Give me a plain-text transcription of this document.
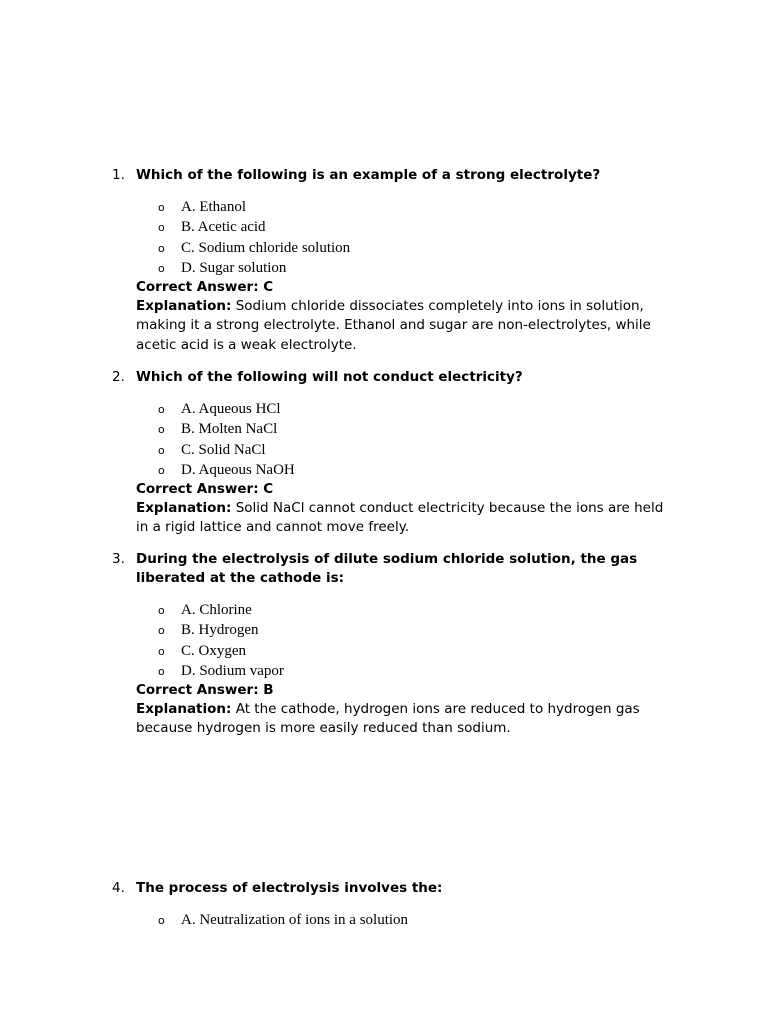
1. Which of the following is an example of a strong electrolyte?
o A. Ethanol
o B. Acetic acid
o C. Sodium chloride solution
o D. Sugar solution
Correct Answer: C
Explanation: Sodium chloride dissociates completely into ions in solution, making it a strong electrolyte. Ethanol and sugar are non-electrolytes, while acetic acid is a weak electrolyte.
2. Which of the following will not conduct electricity?
o A. Aqueous HCl
o B. Molten NaCl
o C. Solid NaCl
o D. Aqueous NaOH
Correct Answer: C
Explanation: Solid NaCl cannot conduct electricity because the ions are held in a rigid lattice and cannot move freely.
3. During the electrolysis of dilute sodium chloride solution, the gas liberated at the cathode is:
o A. Chlorine
o B. Hydrogen
o C. Oxygen
o D. Sodium vapor
Correct Answer: B
Explanation: At the cathode, hydrogen ions are reduced to hydrogen gas because hydrogen is more easily reduced than sodium.
4. The process of electrolysis involves the:
o A. Neutralization of ions in a solution
